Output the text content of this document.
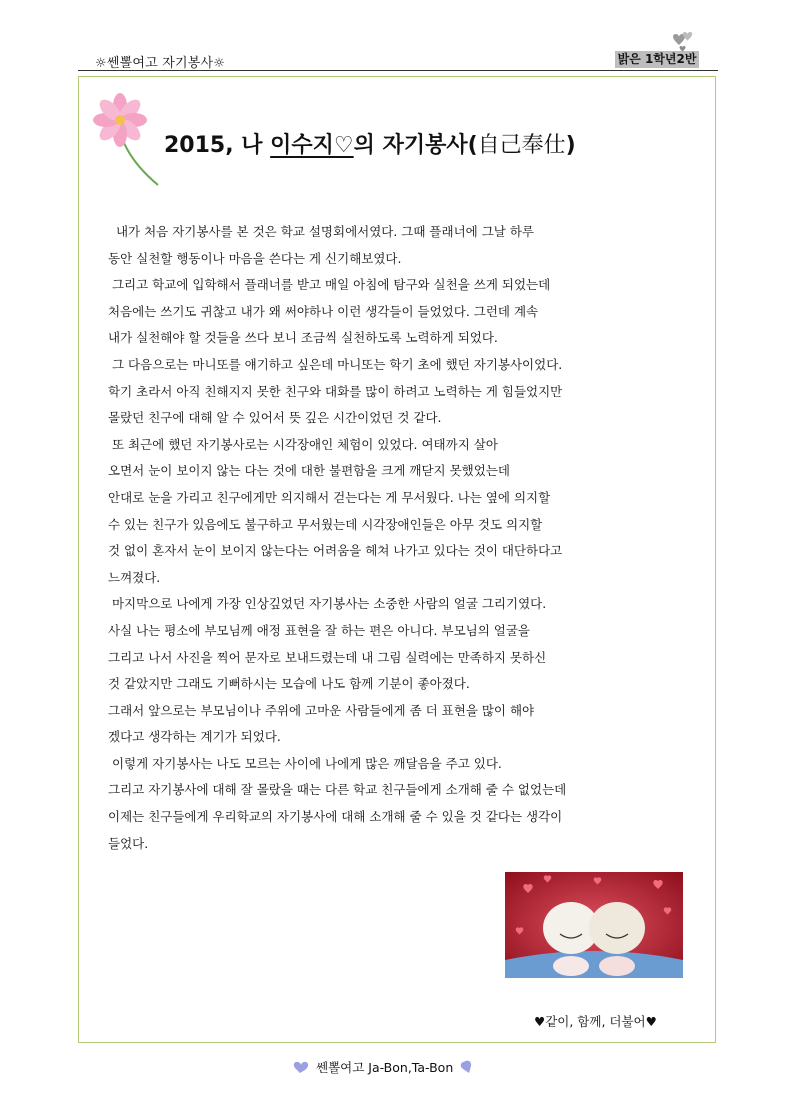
☼쎈뽈여고 자기봉사☼	밝은 1학년2반
2015, 나 이수지♡의 자기봉사(自己奉仕)
내가 처음 자기봉사를 본 것은 학교 설명회에서였다. 그때 플래너에 그날 하루
동안 실천할 행동이나 마음을 쓴다는 게 신기해보였다.
그리고 학교에 입학해서 플래너를 받고 매일 아침에 탐구와 실천을 쓰게 되었는데
처음에는 쓰기도 귀찮고 내가 왜 써야하나 이런 생각들이 들었었다. 그런데 계속
내가 실천해야 할 것들을 쓰다 보니 조금씩 실천하도록 노력하게 되었다.
그 다음으로는 마니또를 얘기하고 싶은데 마니또는 학기 초에 했던 자기봉사이었다.
학기 초라서 아직 친해지지 못한 친구와 대화를 많이 하려고 노력하는 게 힘들었지만
몰랐던 친구에 대해 알 수 있어서 뜻 깊은 시간이었던 것 같다.
또 최근에 했던 자기봉사로는 시각장애인 체험이 있었다. 여태까지 살아
오면서 눈이 보이지 않는 다는 것에 대한 불편함을 크게 깨닫지 못했었는데
안대로 눈을 가리고 친구에게만 의지해서 걷는다는 게 무서웠다. 나는 옆에 의지할
수 있는 친구가 있음에도 불구하고 무서웠는데 시각장애인들은 아무 것도 의지할
것 없이 혼자서 눈이 보이지 않는다는 어려움을 헤쳐 나가고 있다는 것이 대단하다고
느껴졌다.
마지막으로 나에게 가장 인상깊었던 자기봉사는 소중한 사람의 얼굴 그리기였다.
사실 나는 평소에 부모님께 애정 표현을 잘 하는 편은 아니다. 부모님의 얼굴을
그리고 나서 사진을 찍어 문자로 보내드렸는데 내 그림 실력에는 만족하지 못하신
것 같았지만 그래도 기뻐하시는 모습에 나도 함께 기분이 좋아졌다.
그래서 앞으로는 부모님이나 주위에 고마운 사람들에게 좀 더 표현을 많이 해야
겠다고 생각하는 계기가 되었다.
이렇게 자기봉사는 나도 모르는 사이에 나에게 많은 깨달음을 주고 있다.
그리고 자기봉사에 대해 잘 몰랐을 때는 다른 학교 친구들에게 소개해 줄 수 없었는데
이제는 친구들에게 우리학교의 자기봉사에 대해 소개해 줄 수 있을 것 같다는 생각이
들었다.
♥같이, 함께, 더불어♥
쎈뽈여고 Ja-Bon,Ta-Bon
